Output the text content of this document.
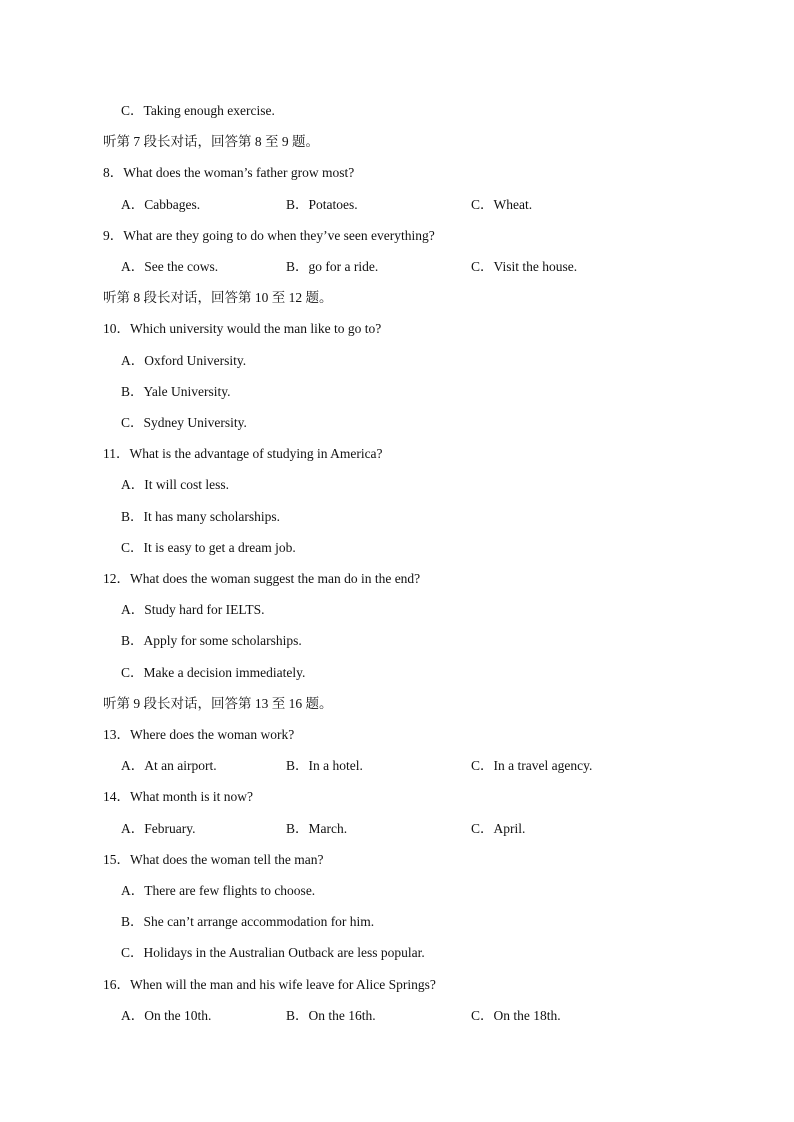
C．Taking enough exercise.
听第 7 段长对话，回答第 8 至 9 题。
8．What does the woman’s father grow most?
A．Cabbages.	B．Potatoes.	C．Wheat.
9．What are they going to do when they’ve seen everything?
A．See the cows.	B．go for a ride.	C．Visit the house.
听第 8 段长对话，回答第 10 至 12 题。
10．Which university would the man like to go to?
A．Oxford University.
B．Yale University.
C．Sydney University.
11．What is the advantage of studying in America?
A．It will cost less.
B．It has many scholarships.
C．It is easy to get a dream job.
12．What does the woman suggest the man do in the end?
A．Study hard for IELTS.
B．Apply for some scholarships.
C．Make a decision immediately.
听第 9 段长对话，回答第 13 至 16 题。
13．Where does the woman work?
A．At an airport.	B．In a hotel.	C．In a travel agency.
14．What month is it now?
A．February.	B．March.	C．April.
15．What does the woman tell the man?
A．There are few flights to choose.
B．She can’t arrange accommodation for him.
C．Holidays in the Australian Outback are less popular.
16．When will the man and his wife leave for Alice Springs?
A．On the 10th.	B．On the 16th.	C．On the 18th.
